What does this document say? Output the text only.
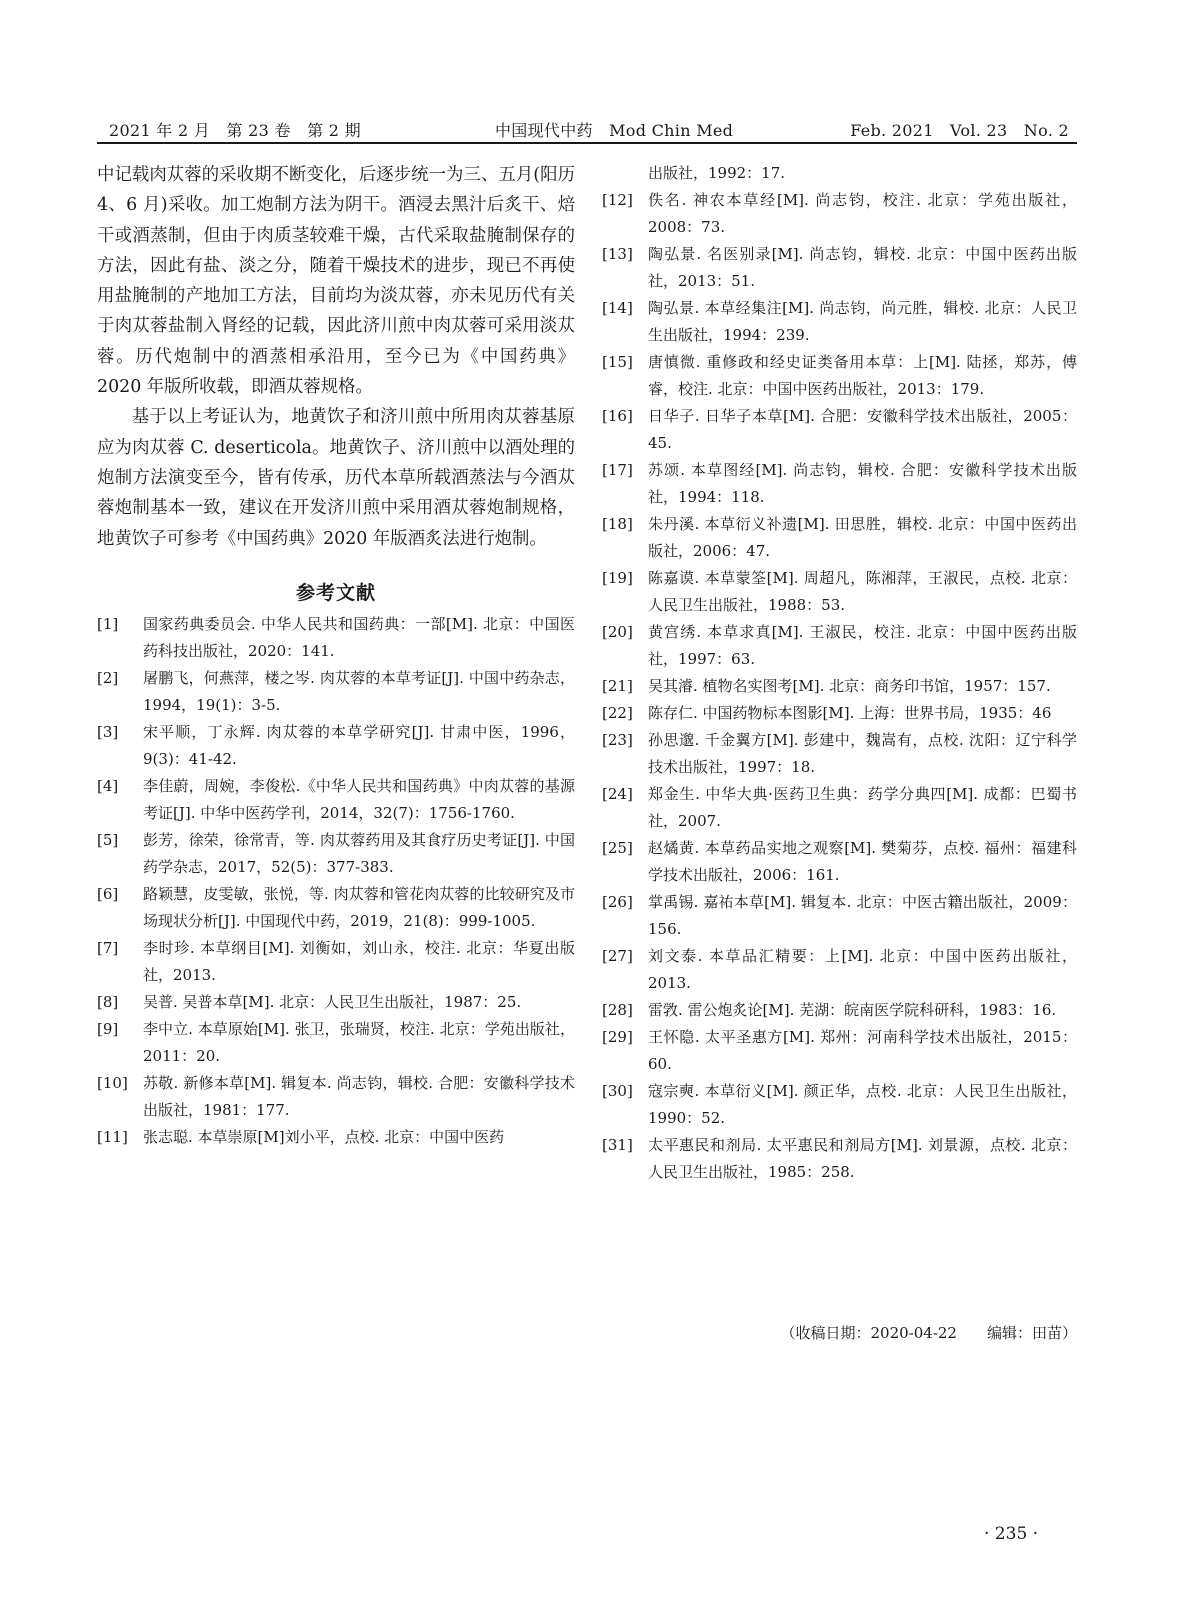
2021 年 2 月　第 23 卷　第 2 期	中国现代中药　Mod Chin Med	Feb. 2021　Vol. 23　No. 2

中记载肉苁蓉的采收期不断变化，后逐步统一为三、五月(阳历4、6 月)采收。加工炮制方法为阴干。酒浸去黑汁后炙干、焙干或酒蒸制，但由于肉质茎较难干燥，古代采取盐腌制保存的方法，因此有盐、淡之分，随着干燥技术的进步，现已不再使用盐腌制的产地加工方法，目前均为淡苁蓉，亦未见历代有关于肉苁蓉盐制入肾经的记载，因此济川煎中肉苁蓉可采用淡苁蓉。历代炮制中的酒蒸相承沿用，至今已为《中国药典》2020 年版所收载，即酒苁蓉规格。

基于以上考证认为，地黄饮子和济川煎中所用肉苁蓉基原应为肉苁蓉 C. deserticola。地黄饮子、济川煎中以酒处理的炮制方法演变至今，皆有传承，历代本草所载酒蒸法与今酒苁蓉炮制基本一致，建议在开发济川煎中采用酒苁蓉炮制规格，地黄饮子可参考《中国药典》2020 年版酒炙法进行炮制。

参考文献
[1]	国家药典委员会. 中华人民共和国药典：一部[M]. 北京：中国医药科技出版社，2020：141.
[2]	屠鹏飞，何燕萍，楼之岑. 肉苁蓉的本草考证[J]. 中国中药杂志，1994，19(1)：3-5.
[3]	宋平顺，丁永辉. 肉苁蓉的本草学研究[J]. 甘肃中医，1996，9(3)：41-42.
[4]	李佳蔚，周婉，李俊松.《中华人民共和国药典》中肉苁蓉的基源考证[J]. 中华中医药学刊，2014，32(7)：1756-1760.
[5]	彭芳，徐荣，徐常青，等. 肉苁蓉药用及其食疗历史考证[J]. 中国药学杂志，2017，52(5)：377-383.
[6]	路颖慧，皮雯敏，张悦，等. 肉苁蓉和管花肉苁蓉的比较研究及市场现状分析[J]. 中国现代中药，2019，21(8)：999-1005.
[7]	李时珍. 本草纲目[M]. 刘衡如，刘山永，校注. 北京：华夏出版社，2013.
[8]	吴普. 吴普本草[M]. 北京：人民卫生出版社，1987：25.
[9]	李中立. 本草原始[M]. 张卫，张瑞贤，校注. 北京：学苑出版社，2011：20.
[10]	苏敬. 新修本草[M]. 辑复本. 尚志钧，辑校. 合肥：安徽科学技术出版社，1981：177.
[11]	张志聪. 本草崇原[M]刘小平，点校. 北京：中国中医药
出版社，1992：17.
[12]	佚名. 神农本草经[M]. 尚志钧，校注. 北京：学苑出版社，2008：73.
[13]	陶弘景. 名医别录[M]. 尚志钧，辑校. 北京：中国中医药出版社，2013：51.
[14]	陶弘景. 本草经集注[M]. 尚志钧，尚元胜，辑校. 北京：人民卫生出版社，1994：239.
[15]	唐慎微. 重修政和经史证类备用本草：上[M]. 陆拯，郑苏，傅睿，校注. 北京：中国中医药出版社，2013：179.
[16]	日华子. 日华子本草[M]. 合肥：安徽科学技术出版社，2005：45.
[17]	苏颂. 本草图经[M]. 尚志钧，辑校. 合肥：安徽科学技术出版社，1994：118.
[18]	朱丹溪. 本草衍义补遗[M]. 田思胜，辑校. 北京：中国中医药出版社，2006：47.
[19]	陈嘉谟. 本草蒙筌[M]. 周超凡，陈湘萍，王淑民，点校. 北京：人民卫生出版社，1988：53.
[20]	黄宫绣. 本草求真[M]. 王淑民，校注. 北京：中国中医药出版社，1997：63.
[21]	吴其濬. 植物名实图考[M]. 北京：商务印书馆，1957：157.
[22]	陈存仁. 中国药物标本图影[M]. 上海：世界书局，1935：46
[23]	孙思邈. 千金翼方[M]. 彭建中，魏嵩有，点校. 沈阳：辽宁科学技术出版社，1997：18.
[24]	郑金生. 中华大典·医药卫生典：药学分典四[M]. 成都：巴蜀书社，2007.
[25]	赵燏黄. 本草药品实地之观察[M]. 樊菊芬，点校. 福州：福建科学技术出版社，2006：161.
[26]	掌禹锡. 嘉祐本草[M]. 辑复本. 北京：中医古籍出版社，2009：156.
[27]	刘文泰. 本草品汇精要：上[M]. 北京：中国中医药出版社，2013.
[28]	雷敩. 雷公炮炙论[M]. 芜湖：皖南医学院科研科，1983：16.
[29]	王怀隐. 太平圣惠方[M]. 郑州：河南科学技术出版社，2015：60.
[30]	寇宗奭. 本草衍义[M]. 颜正华，点校. 北京：人民卫生出版社，1990：52.
[31]	太平惠民和剂局. 太平惠民和剂局方[M]. 刘景源，点校. 北京：人民卫生出版社，1985：258.
（收稿日期：2020-04-22 编辑：田苗）
· 235 ·
